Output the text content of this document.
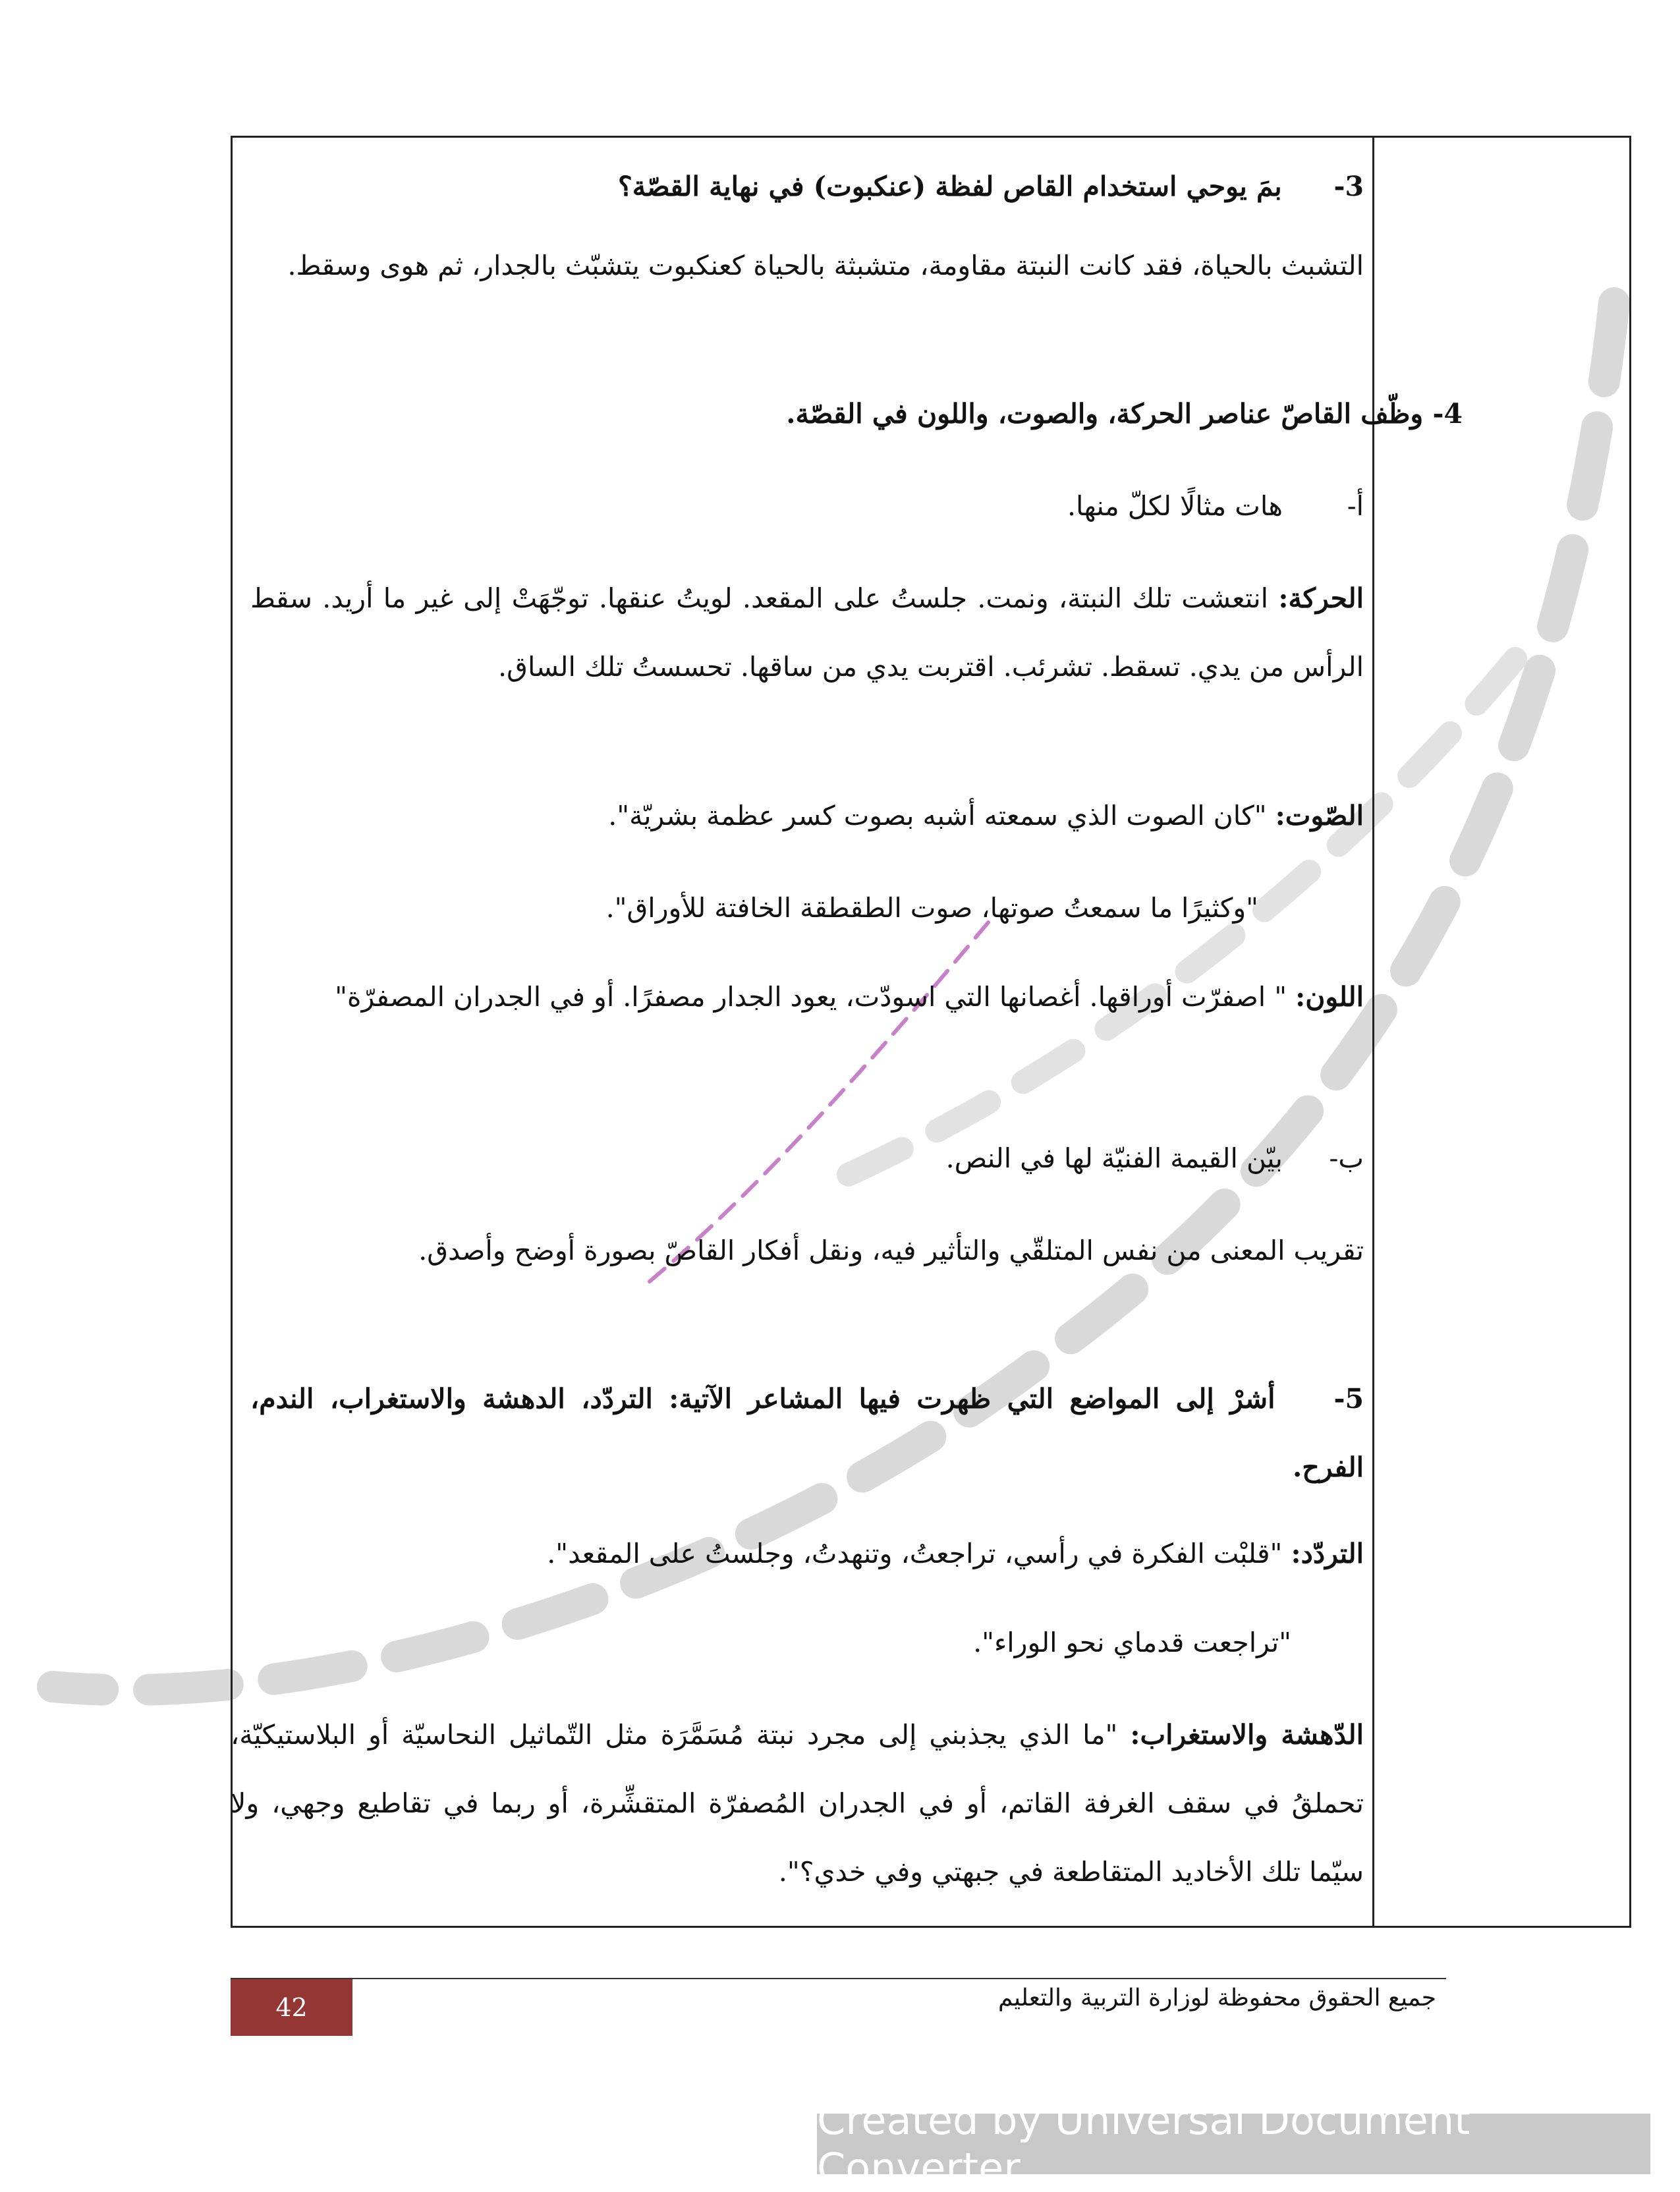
3- بمَ يوحي استخدام القاص لفظة (عنكبوت) في نهاية القصّة؟
التشبث بالحياة، فقد كانت النبتة مقاومة، متشبثة بالحياة كعنكبوت يتشبّث بالجدار، ثم هوى وسقط.
4- وظّف القاصّ عناصر الحركة، والصوت، واللون في القصّة.
أ- هات مثالًا لكلّ منها.
الحركة: انتعشت تلك النبتة، ونمت. جلستُ على المقعد. لويتُ عنقها. توجّهَتْ إلى غير ما أريد. سقط الرأس من يدي. تسقط. تشرئب. اقتربت يدي من ساقها. تحسستُ تلك الساق.
الصّوت: "كان الصوت الذي سمعته أشبه بصوت كسر عظمة بشريّة".
"وكثيرًا ما سمعتُ صوتها، صوت الطقطقة الخافتة للأوراق".
اللون: " اصفرّت أوراقها. أغصانها التي اسودّت، يعود الجدار مصفرًا. أو في الجدران المصفرّة"
ب- بيّن القيمة الفنيّة لها في النص.
تقريب المعنى من نفس المتلقّي والتأثير فيه، ونقل أفكار القاصّ بصورة أوضح وأصدق.
5- أشرْ إلى المواضع التي ظهرت فيها المشاعر الآتية: التردّد، الدهشة والاستغراب، الندم، الفرح.
التردّد: "قلبْت الفكرة في رأسي، تراجعتُ، وتنهدتُ، وجلستُ على المقعد".
"تراجعت قدماي نحو الوراء".
الدّهشة والاستغراب: "ما الذي يجذبني إلى مجرد نبتة مُسَمَّرَة مثل التّماثيل النحاسيّة أو البلاستيكيّة، تحملقُ في سقف الغرفة القاتم، أو في الجدران المُصفرّة المتقشِّرة، أو ربما في تقاطيع وجهي، ولا سيّما تلك الأخاديد المتقاطعة في جبهتي وفي خدي؟".
42	جميع الحقوق محفوظة لوزارة التربية والتعليم
Created by Universal Document Converter
